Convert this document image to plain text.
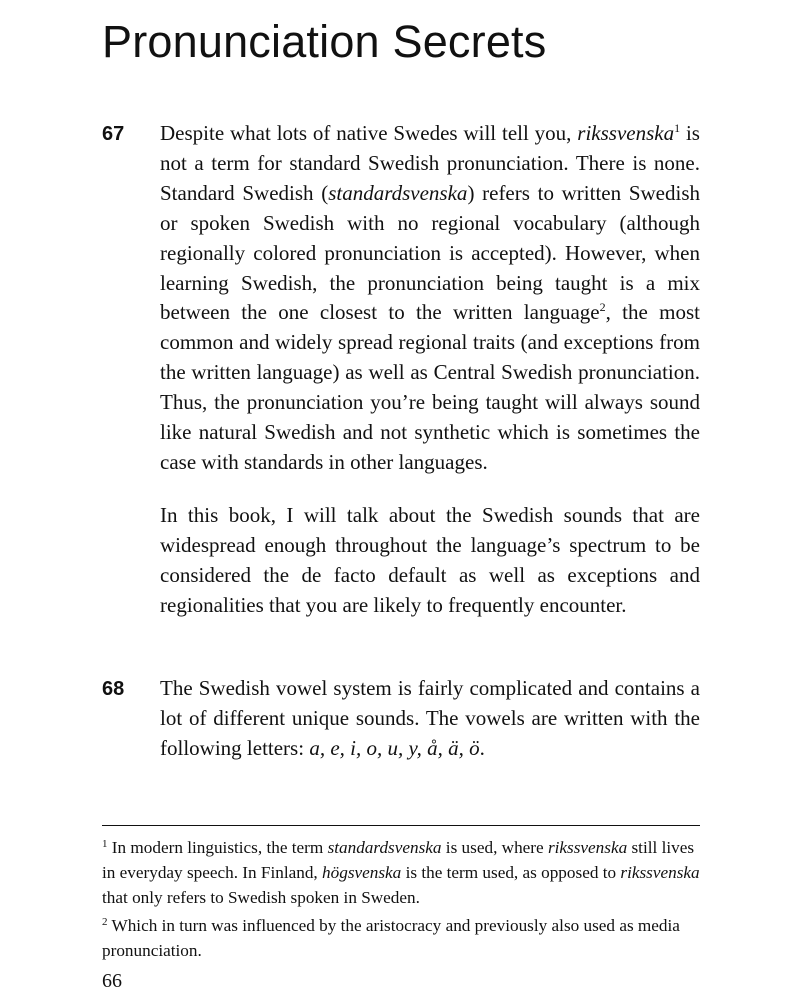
Pronunciation Secrets
67 Despite what lots of native Swedes will tell you, rikssvenska$^1$ is not a term for standard Swedish pronunciation. There is none. Standard Swedish (standardsvenska) refers to written Swedish or spoken Swedish with no regional vocabulary (although regionally colored pronunciation is accepted). However, when learning Swedish, the pronunciation being taught is a mix between the one closest to the written language$^2$, the most common and widely spread regional traits (and exceptions from the written language) as well as Central Swedish pronunciation. Thus, the pronunciation you’re being taught will always sound like natural Swedish and not synthetic which is sometimes the case with standards in other languages.

In this book, I will talk about the Swedish sounds that are widespread enough throughout the language’s spectrum to be considered the de facto default as well as exceptions and regionalities that you are likely to frequently encounter.

68 The Swedish vowel system is fairly complicated and contains a lot of different unique sounds. The vowels are written with the following letters: a, e, i, o, u, y, å, ä, ö.

$^1$ In modern linguistics, the term standardsvenska is used, where rikssvenska still lives in everyday speech. In Finland, högsvenska is the term used, as opposed to rikssvenska that only refers to Swedish spoken in Sweden.

$^2$ Which in turn was influenced by the aristocracy and previously also used as media pronunciation.

66
